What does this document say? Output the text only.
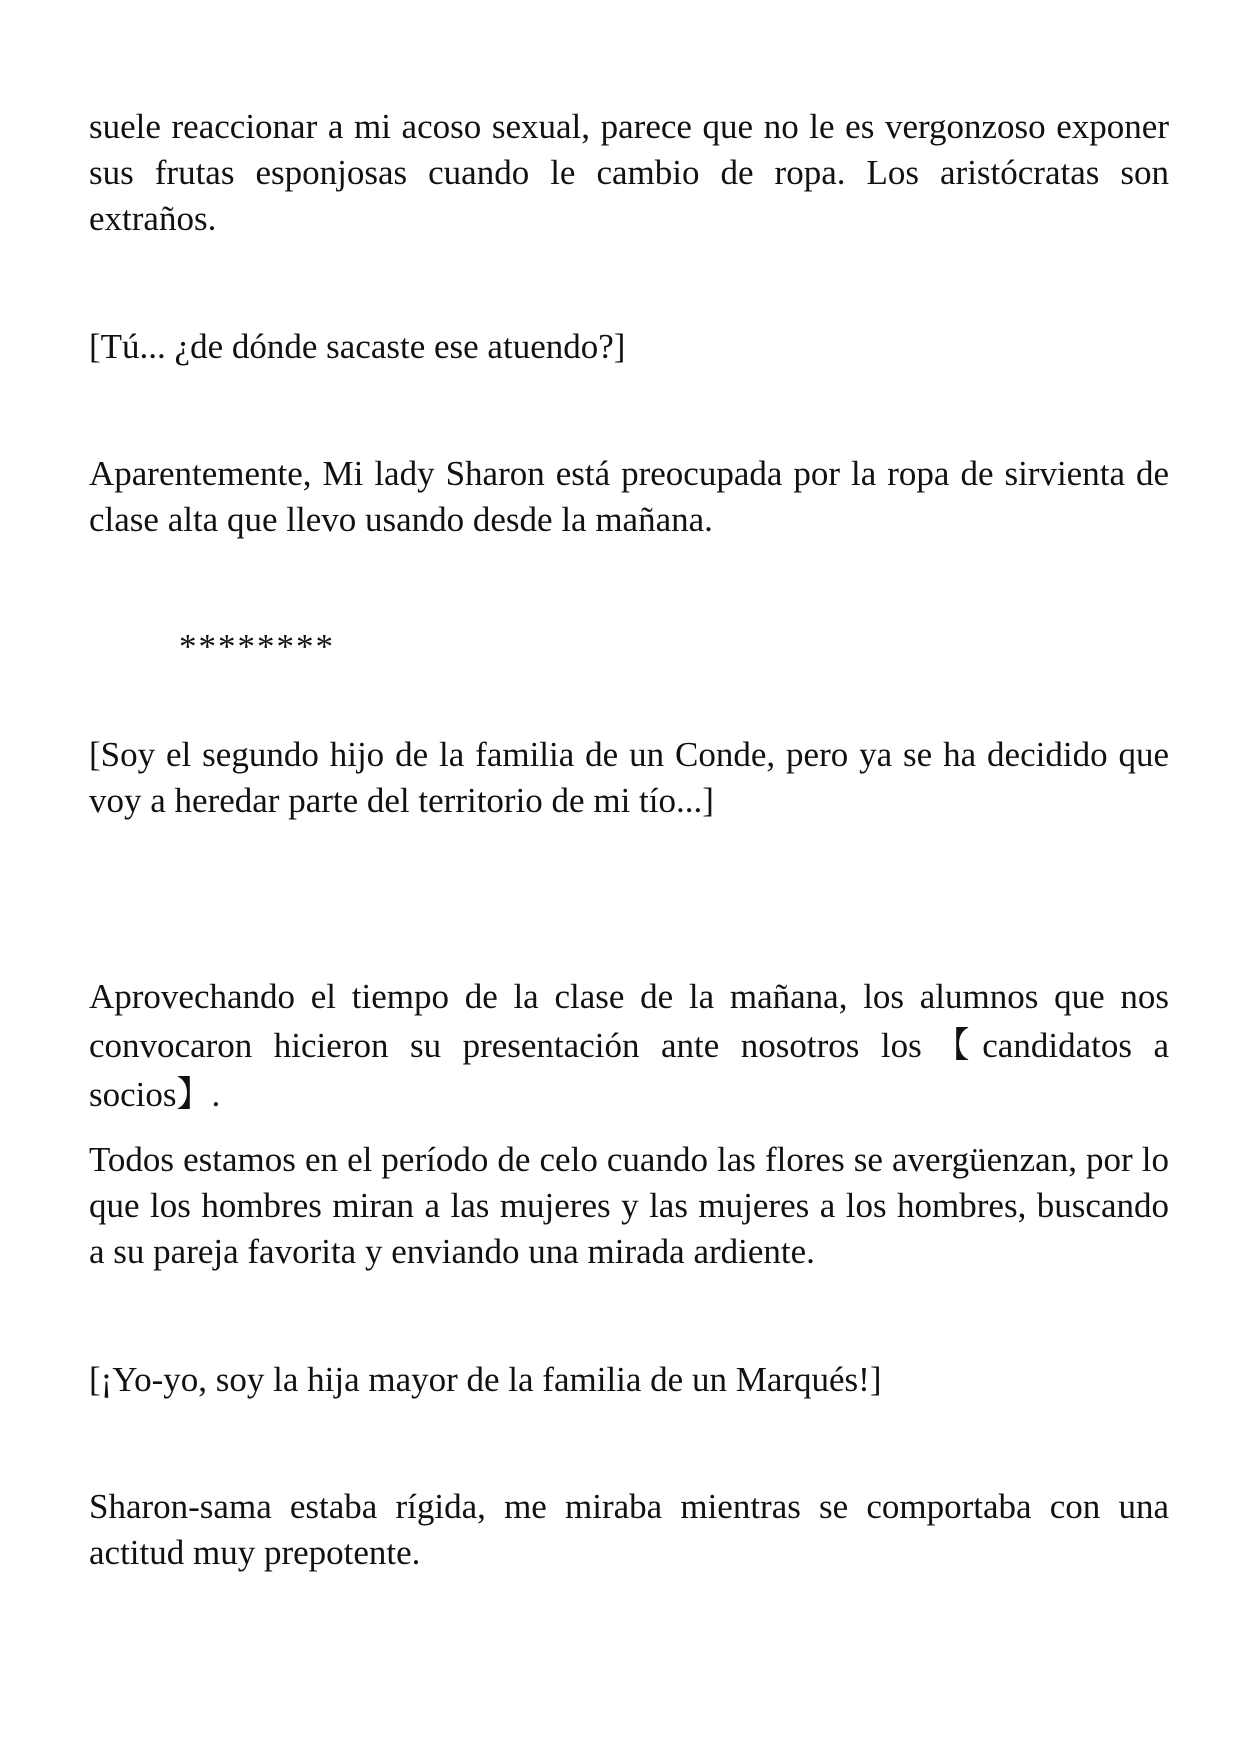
suele reaccionar a mi acoso sexual, parece que no le es vergonzoso exponer sus frutas esponjosas cuando le cambio de ropa. Los aristócratas son extraños.

[Tú... ¿de dónde sacaste ese atuendo?]

Aparentemente, Mi lady Sharon está preocupada por la ropa de sirvienta de clase alta que llevo usando desde la mañana.

********

[Soy el segundo hijo de la familia de un Conde, pero ya se ha decidido que voy a heredar parte del territorio de mi tío...]

Aprovechando el tiempo de la clase de la mañana, los alumnos que nos convocaron hicieron su presentación ante nosotros los【candidatos a socios】.

Todos estamos en el período de celo cuando las flores se avergüenzan, por lo que los hombres miran a las mujeres y las mujeres a los hombres, buscando a su pareja favorita y enviando una mirada ardiente.

[¡Yo-yo, soy la hija mayor de la familia de un Marqués!]

Sharon-sama estaba rígida, me miraba mientras se comportaba con una actitud muy prepotente.
